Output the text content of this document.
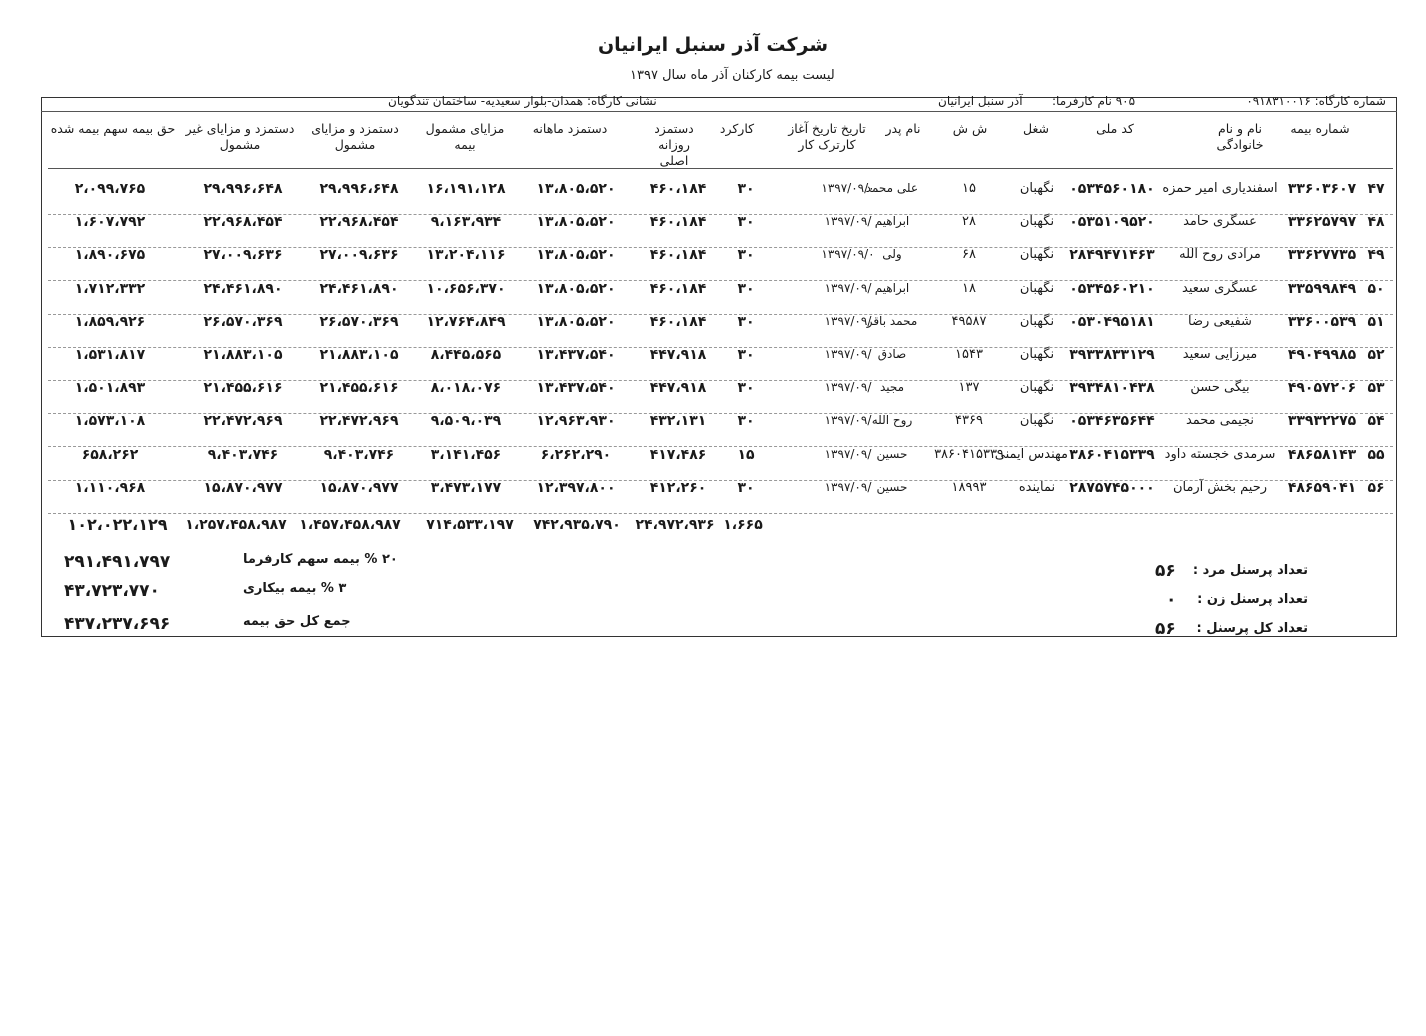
شرکت آذر سنبل ایرانیان
لیست بیمه کارکنان آذر ماه سال ۱۳۹۷
شماره کارگاه: ۰۹۱۸۳۱۰۰۱۶
۹۰۵ نام کارفرما:
آذر سنبل ایرانیان
نشانی کارگاه: همدان-بلوار سعیدیه- ساختمان تندگویان
شماره بیمه
نام و نام خانوادگی
کد ملی
شغل
ش ش
نام پدر
تاریخ تاریخ آغاز کارترک کار
کارکرد
دستمزد روزانه اصلی
دستمزد ماهانه
مزایای مشمول بیمه
دستمزد و مزایای مشمول
دستمزد و مزایای غیر مشمول
حق بیمه سهم بیمه شده
۴۷
۳۳۶۰۳۶۰۷
اسفندیاری امیر حمزه
۰۵۳۴۵۶۰۱۸۰
نگهبان
۱۵
علی محمد
۱۳۹۷/۰۹/۰
۳۰
۴۶۰،۱۸۴
۱۳،۸۰۵،۵۲۰
۱۶،۱۹۱،۱۲۸
۲۹،۹۹۶،۶۴۸
۲۹،۹۹۶،۶۴۸
۲،۰۹۹،۷۶۵
۴۸
۳۳۶۲۵۷۹۷
عسگری حامد
۰۵۳۵۱۰۹۵۲۰
نگهبان
۲۸
ابراهیم
۱۳۹۷/۰۹/
۳۰
۴۶۰،۱۸۴
۱۳،۸۰۵،۵۲۰
۹،۱۶۳،۹۳۴
۲۲،۹۶۸،۴۵۴
۲۲،۹۶۸،۴۵۴
۱،۶۰۷،۷۹۲
۴۹
۳۳۶۲۷۷۳۵
مرادی روح الله
۲۸۴۹۴۷۱۴۶۳
نگهبان
۶۸
ولی
۱۳۹۷/۰۹/۰
۳۰
۴۶۰،۱۸۴
۱۳،۸۰۵،۵۲۰
۱۳،۲۰۴،۱۱۶
۲۷،۰۰۹،۶۳۶
۲۷،۰۰۹،۶۳۶
۱،۸۹۰،۶۷۵
۵۰
۳۳۵۹۹۸۴۹
عسگری سعید
۰۵۳۴۵۶۰۲۱۰
نگهبان
۱۸
ابراهیم
۱۳۹۷/۰۹/
۳۰
۴۶۰،۱۸۴
۱۳،۸۰۵،۵۲۰
۱۰،۶۵۶،۳۷۰
۲۴،۴۶۱،۸۹۰
۲۴،۴۶۱،۸۹۰
۱،۷۱۲،۳۳۲
۵۱
۳۳۶۰۰۵۳۹
شفیعی رضا
۰۵۳۰۴۹۵۱۸۱
نگهبان
۴۹۵۸۷
محمد باقر
۱۳۹۷/۰۹/
۳۰
۴۶۰،۱۸۴
۱۳،۸۰۵،۵۲۰
۱۲،۷۶۴،۸۴۹
۲۶،۵۷۰،۳۶۹
۲۶،۵۷۰،۳۶۹
۱،۸۵۹،۹۲۶
۵۲
۴۹۰۴۹۹۸۵
میرزایی سعید
۳۹۳۳۸۳۳۱۲۹
نگهبان
۱۵۴۳
صادق
۱۳۹۷/۰۹/
۳۰
۴۴۷،۹۱۸
۱۳،۴۳۷،۵۴۰
۸،۴۴۵،۵۶۵
۲۱،۸۸۳،۱۰۵
۲۱،۸۸۳،۱۰۵
۱،۵۳۱،۸۱۷
۵۳
۴۹۰۵۷۲۰۶
بیگی حسن
۳۹۳۴۸۱۰۴۳۸
نگهبان
۱۳۷
مجید
۱۳۹۷/۰۹/
۳۰
۴۴۷،۹۱۸
۱۳،۴۳۷،۵۴۰
۸،۰۱۸،۰۷۶
۲۱،۴۵۵،۶۱۶
۲۱،۴۵۵،۶۱۶
۱،۵۰۱،۸۹۳
۵۴
۳۳۹۳۲۲۷۵
نجیمی محمد
۰۵۳۴۶۳۵۶۴۴
نگهبان
۴۳۶۹
روح الله
۱۳۹۷/۰۹/
۳۰
۴۳۲،۱۳۱
۱۲،۹۶۳،۹۳۰
۹،۵۰۹،۰۳۹
۲۲،۴۷۲،۹۶۹
۲۲،۴۷۲،۹۶۹
۱،۵۷۳،۱۰۸
۵۵
۴۸۶۵۸۱۴۳
سرمدی خجسته داود
۳۸۶۰۴۱۵۳۳۹
مهندس ایمنی
۳۸۶۰۴۱۵۳۳۹
حسین
۱۳۹۷/۰۹/
۱۵
۴۱۷،۴۸۶
۶،۲۶۲،۲۹۰
۳،۱۴۱،۴۵۶
۹،۴۰۳،۷۴۶
۹،۴۰۳،۷۴۶
۶۵۸،۲۶۲
۵۶
۴۸۶۵۹۰۴۱
رحیم بخش آرمان
۲۸۷۵۷۴۵۰۰۰
نماینده
۱۸۹۹۳
حسین
۱۳۹۷/۰۹/
۳۰
۴۱۲،۲۶۰
۱۲،۳۹۷،۸۰۰
۳،۴۷۳،۱۷۷
۱۵،۸۷۰،۹۷۷
۱۵،۸۷۰،۹۷۷
۱،۱۱۰،۹۶۸
۱،۶۶۵
۲۴،۹۷۲،۹۳۶
۷۴۲،۹۳۵،۷۹۰
۷۱۴،۵۳۳،۱۹۷
۱،۴۵۷،۴۵۸،۹۸۷
۱،۲۵۷،۴۵۸،۹۸۷
۱۰۲،۰۲۲،۱۲۹
۲۰ % بیمه سهم کارفرما
۲۹۱،۴۹۱،۷۹۷
۳ % بیمه بیکاری
۴۳،۷۲۳،۷۷۰
جمع کل حق بیمه
۴۳۷،۲۳۷،۶۹۶
تعداد پرسنل مرد :
۵۶
تعداد پرسنل زن :
۰
تعداد کل پرسنل :
۵۶
